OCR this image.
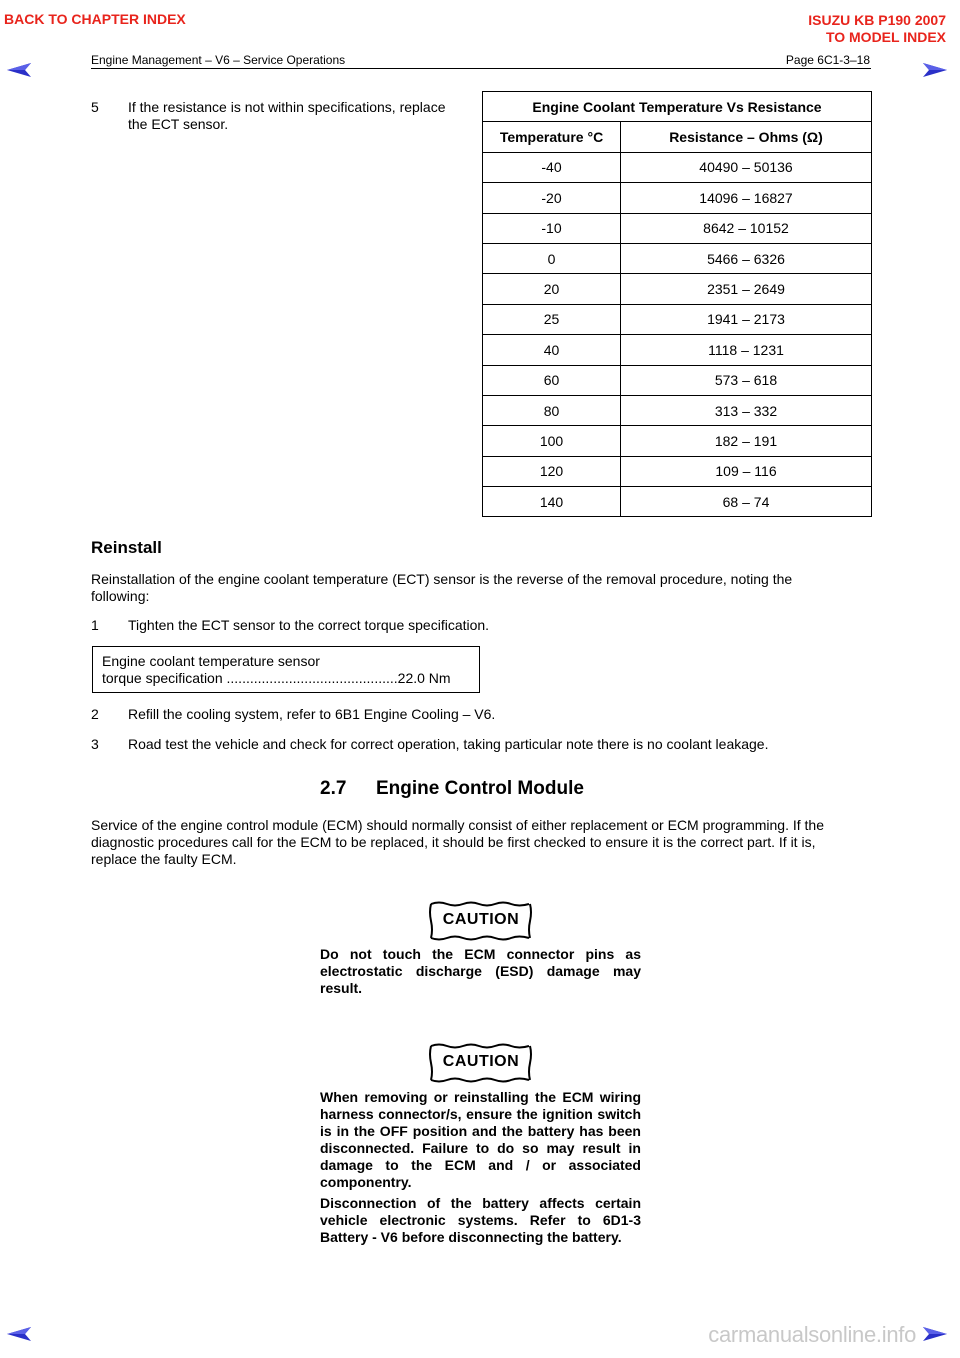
BACK TO CHAPTER INDEX	ISUZU KB P190 2007
TO MODEL INDEX
Engine Management – V6 – Service Operations	Page 6C1-3–18
5 If the resistance is not within specifications, replace
the ECT sensor.
Engine Coolant Temperature Vs Resistance	
Temperature °C	Resistance – Ohms (Ω)
-40	40490 – 50136
-20	14096 – 16827
-10	8642 – 10152
0	5466 – 6326
20	2351 – 2649
25	1941 – 2173
40	1118 – 1231
60	573 – 618
80	313 – 332
100	182 – 191
120	109 – 116
140	68 – 74
Reinstall
Reinstallation of the engine coolant temperature (ECT) sensor is the reverse of the removal procedure, noting the
following:
1 Tighten the ECT sensor to the correct torque specification.
Engine coolant temperature sensor
torque specification ............................................22.0 Nm
2 Refill the cooling system, refer to 6B1 Engine Cooling – V6.
3 Road test the vehicle and check for correct operation, taking particular note there is no coolant leakage.
2.7 Engine Control Module
Service of the engine control module (ECM) should normally consist of either replacement or ECM programming. If the
diagnostic procedures call for the ECM to be replaced, it should be first checked to ensure it is the correct part. If it is,
replace the faulty ECM.
CAUTION
Do not touch the ECM connector pins as electrostatic discharge (ESD) damage may result.
CAUTION
When removing or reinstalling the ECM wiring harness connector/s, ensure the ignition switch is in the OFF position and the battery has been disconnected. Failure to do so may result in damage to the ECM and / or associated componentry.
Disconnection of the battery affects certain vehicle electronic systems. Refer to 6D1-3 Battery - V6 before disconnecting the battery.
carmanualsonline.info
